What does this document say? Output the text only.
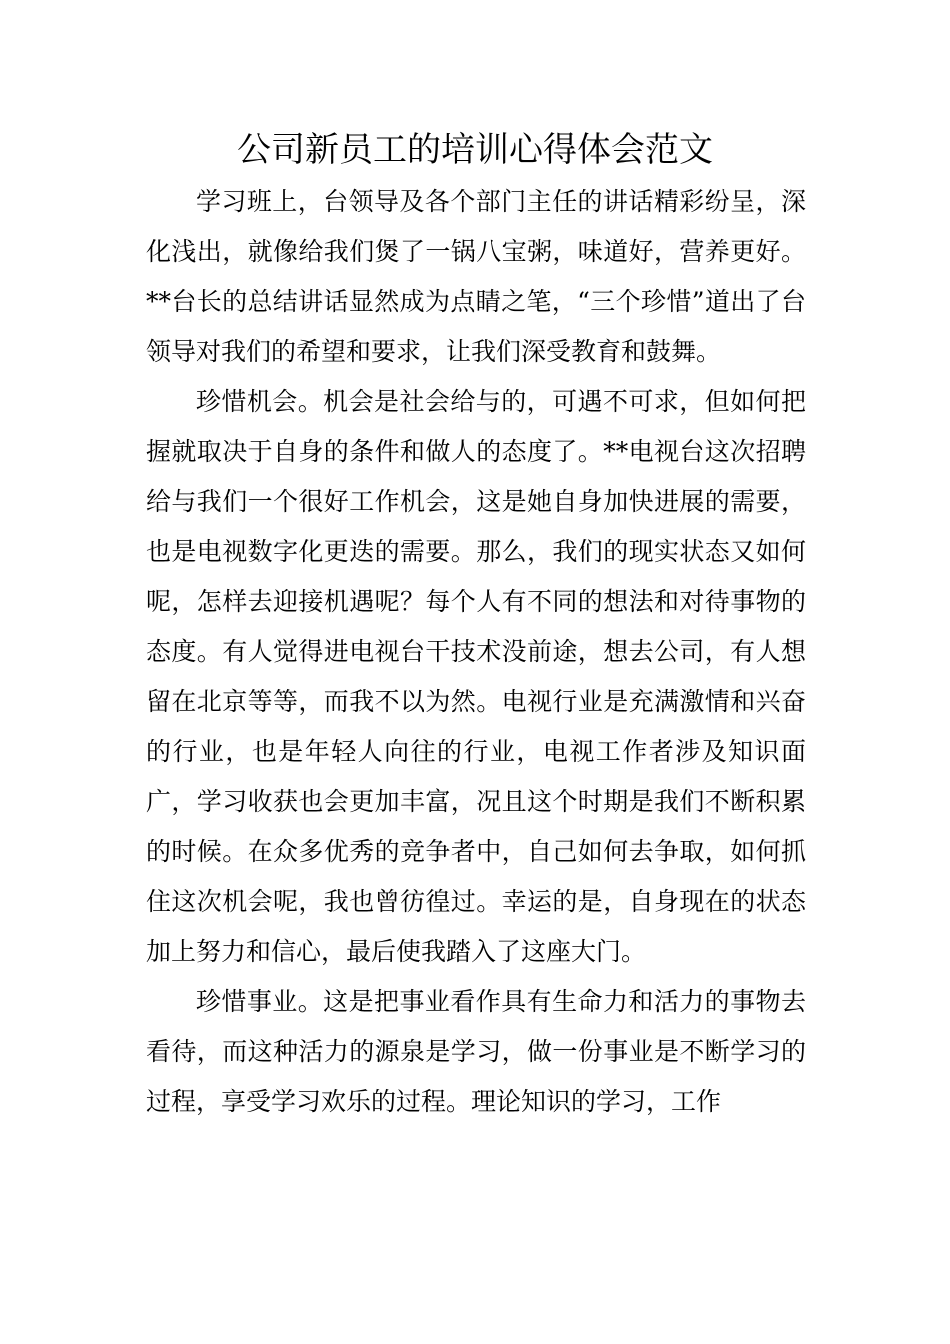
公司新员工的培训心得体会范文

学习班上，台领导及各个部门主任的讲话精彩纷呈，深化浅出，就像给我们煲了一锅八宝粥，味道好，营养更好。**台长的总结讲话显然成为点睛之笔，“三个珍惜”道出了台领导对我们的希望和要求，让我们深受教育和鼓舞。

珍惜机会。机会是社会给与的，可遇不可求，但如何把握就取决于自身的条件和做人的态度了。**电视台这次招聘给与我们一个很好工作机会，这是她自身加快进展的需要，也是电视数字化更迭的需要。那么，我们的现实状态又如何呢，怎样去迎接机遇呢？每个人有不同的想法和对待事物的态度。有人觉得进电视台干技术没前途，想去公司，有人想留在北京等等，而我不以为然。电视行业是充满激情和兴奋的行业，也是年轻人向往的行业，电视工作者涉及知识面广，学习收获也会更加丰富，况且这个时期是我们不断积累的时候。在众多优秀的竞争者中，自己如何去争取，如何抓住这次机会呢，我也曾彷徨过。幸运的是，自身现在的状态加上努力和信心，最后使我踏入了这座大门。

珍惜事业。这是把事业看作具有生命力和活力的事物去看待，而这种活力的源泉是学习，做一份事业是不断学习的过程，享受学习欢乐的过程。理论知识的学习，工作
